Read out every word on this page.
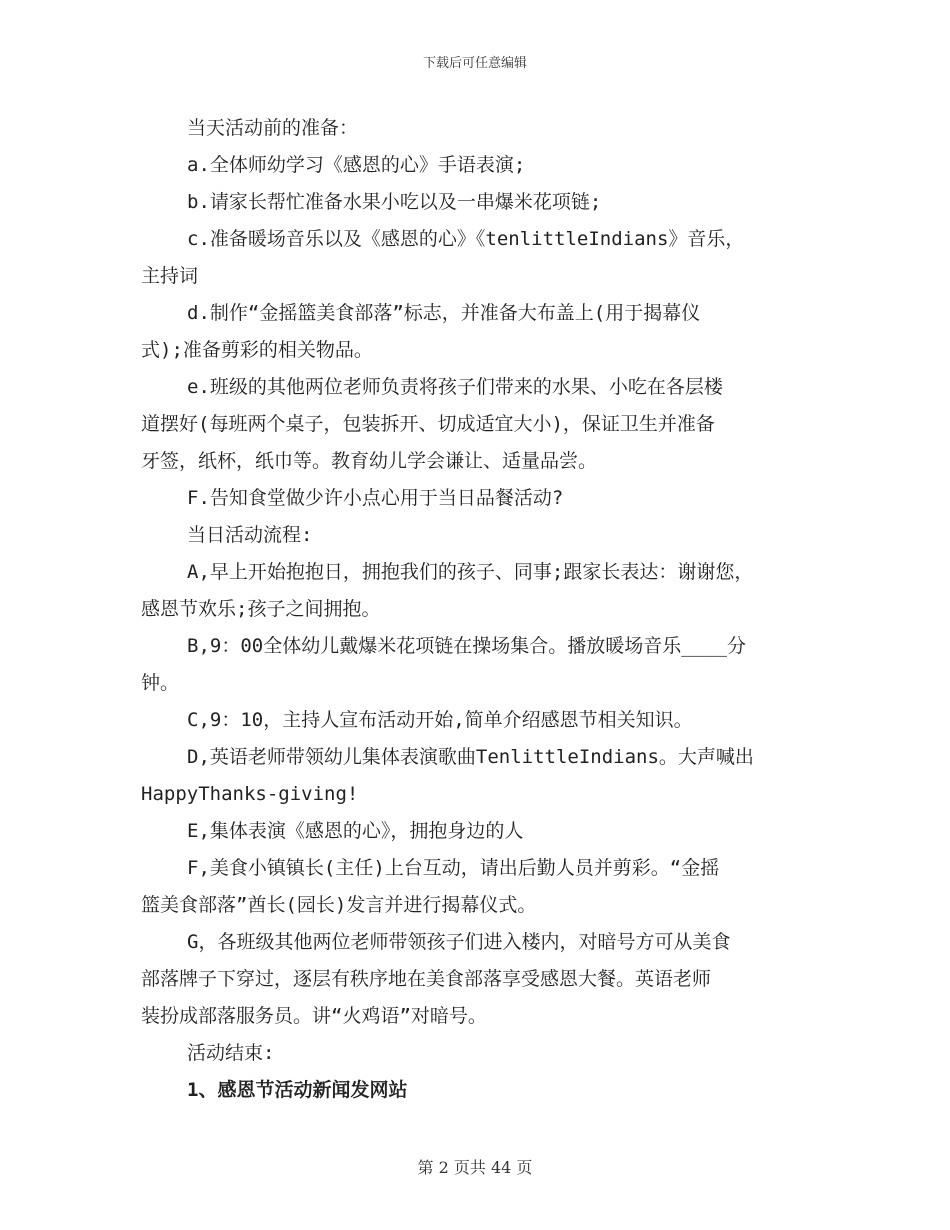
下载后可任意编辑
当天活动前的准备：
a.全体师幼学习《感恩的心》手语表演;
b.请家长帮忙准备水果小吃以及一串爆米花项链;
c.准备暖场音乐以及《感恩的心》《tenlittleIndians》音乐，
主持词
d.制作“金摇篮美食部落”标志，并准备大布盖上(用于揭幕仪
式);准备剪彩的相关物品。
e.班级的其他两位老师负责将孩子们带来的水果、小吃在各层楼
道摆好(每班两个桌子，包装拆开、切成适宜大小)，保证卫生并准备
牙签，纸杯，纸巾等。教育幼儿学会谦让、适量品尝。
F.告知食堂做少许小点心用于当日品餐活动?
当日活动流程:
A,早上开始抱抱日，拥抱我们的孩子、同事;跟家长表达：谢谢您，
感恩节欢乐;孩子之间拥抱。
B,9：00全体幼儿戴爆米花项链在操场集合。播放暖场音乐____分
钟。
C,9：10，主持人宣布活动开始,简单介绍感恩节相关知识。
D,英语老师带领幼儿集体表演歌曲TenlittleIndians。大声喊出
HappyThanks-giving!
E,集体表演《感恩的心》，拥抱身边的人
F,美食小镇镇长(主任)上台互动，请出后勤人员并剪彩。“金摇
篮美食部落”酋长(园长)发言并进行揭幕仪式。
G，各班级其他两位老师带领孩子们进入楼内，对暗号方可从美食
部落牌子下穿过，逐层有秩序地在美食部落享受感恩大餐。英语老师
装扮成部落服务员。讲“火鸡语”对暗号。
活动结束:
1、感恩节活动新闻发网站
第 2 页共 44 页
